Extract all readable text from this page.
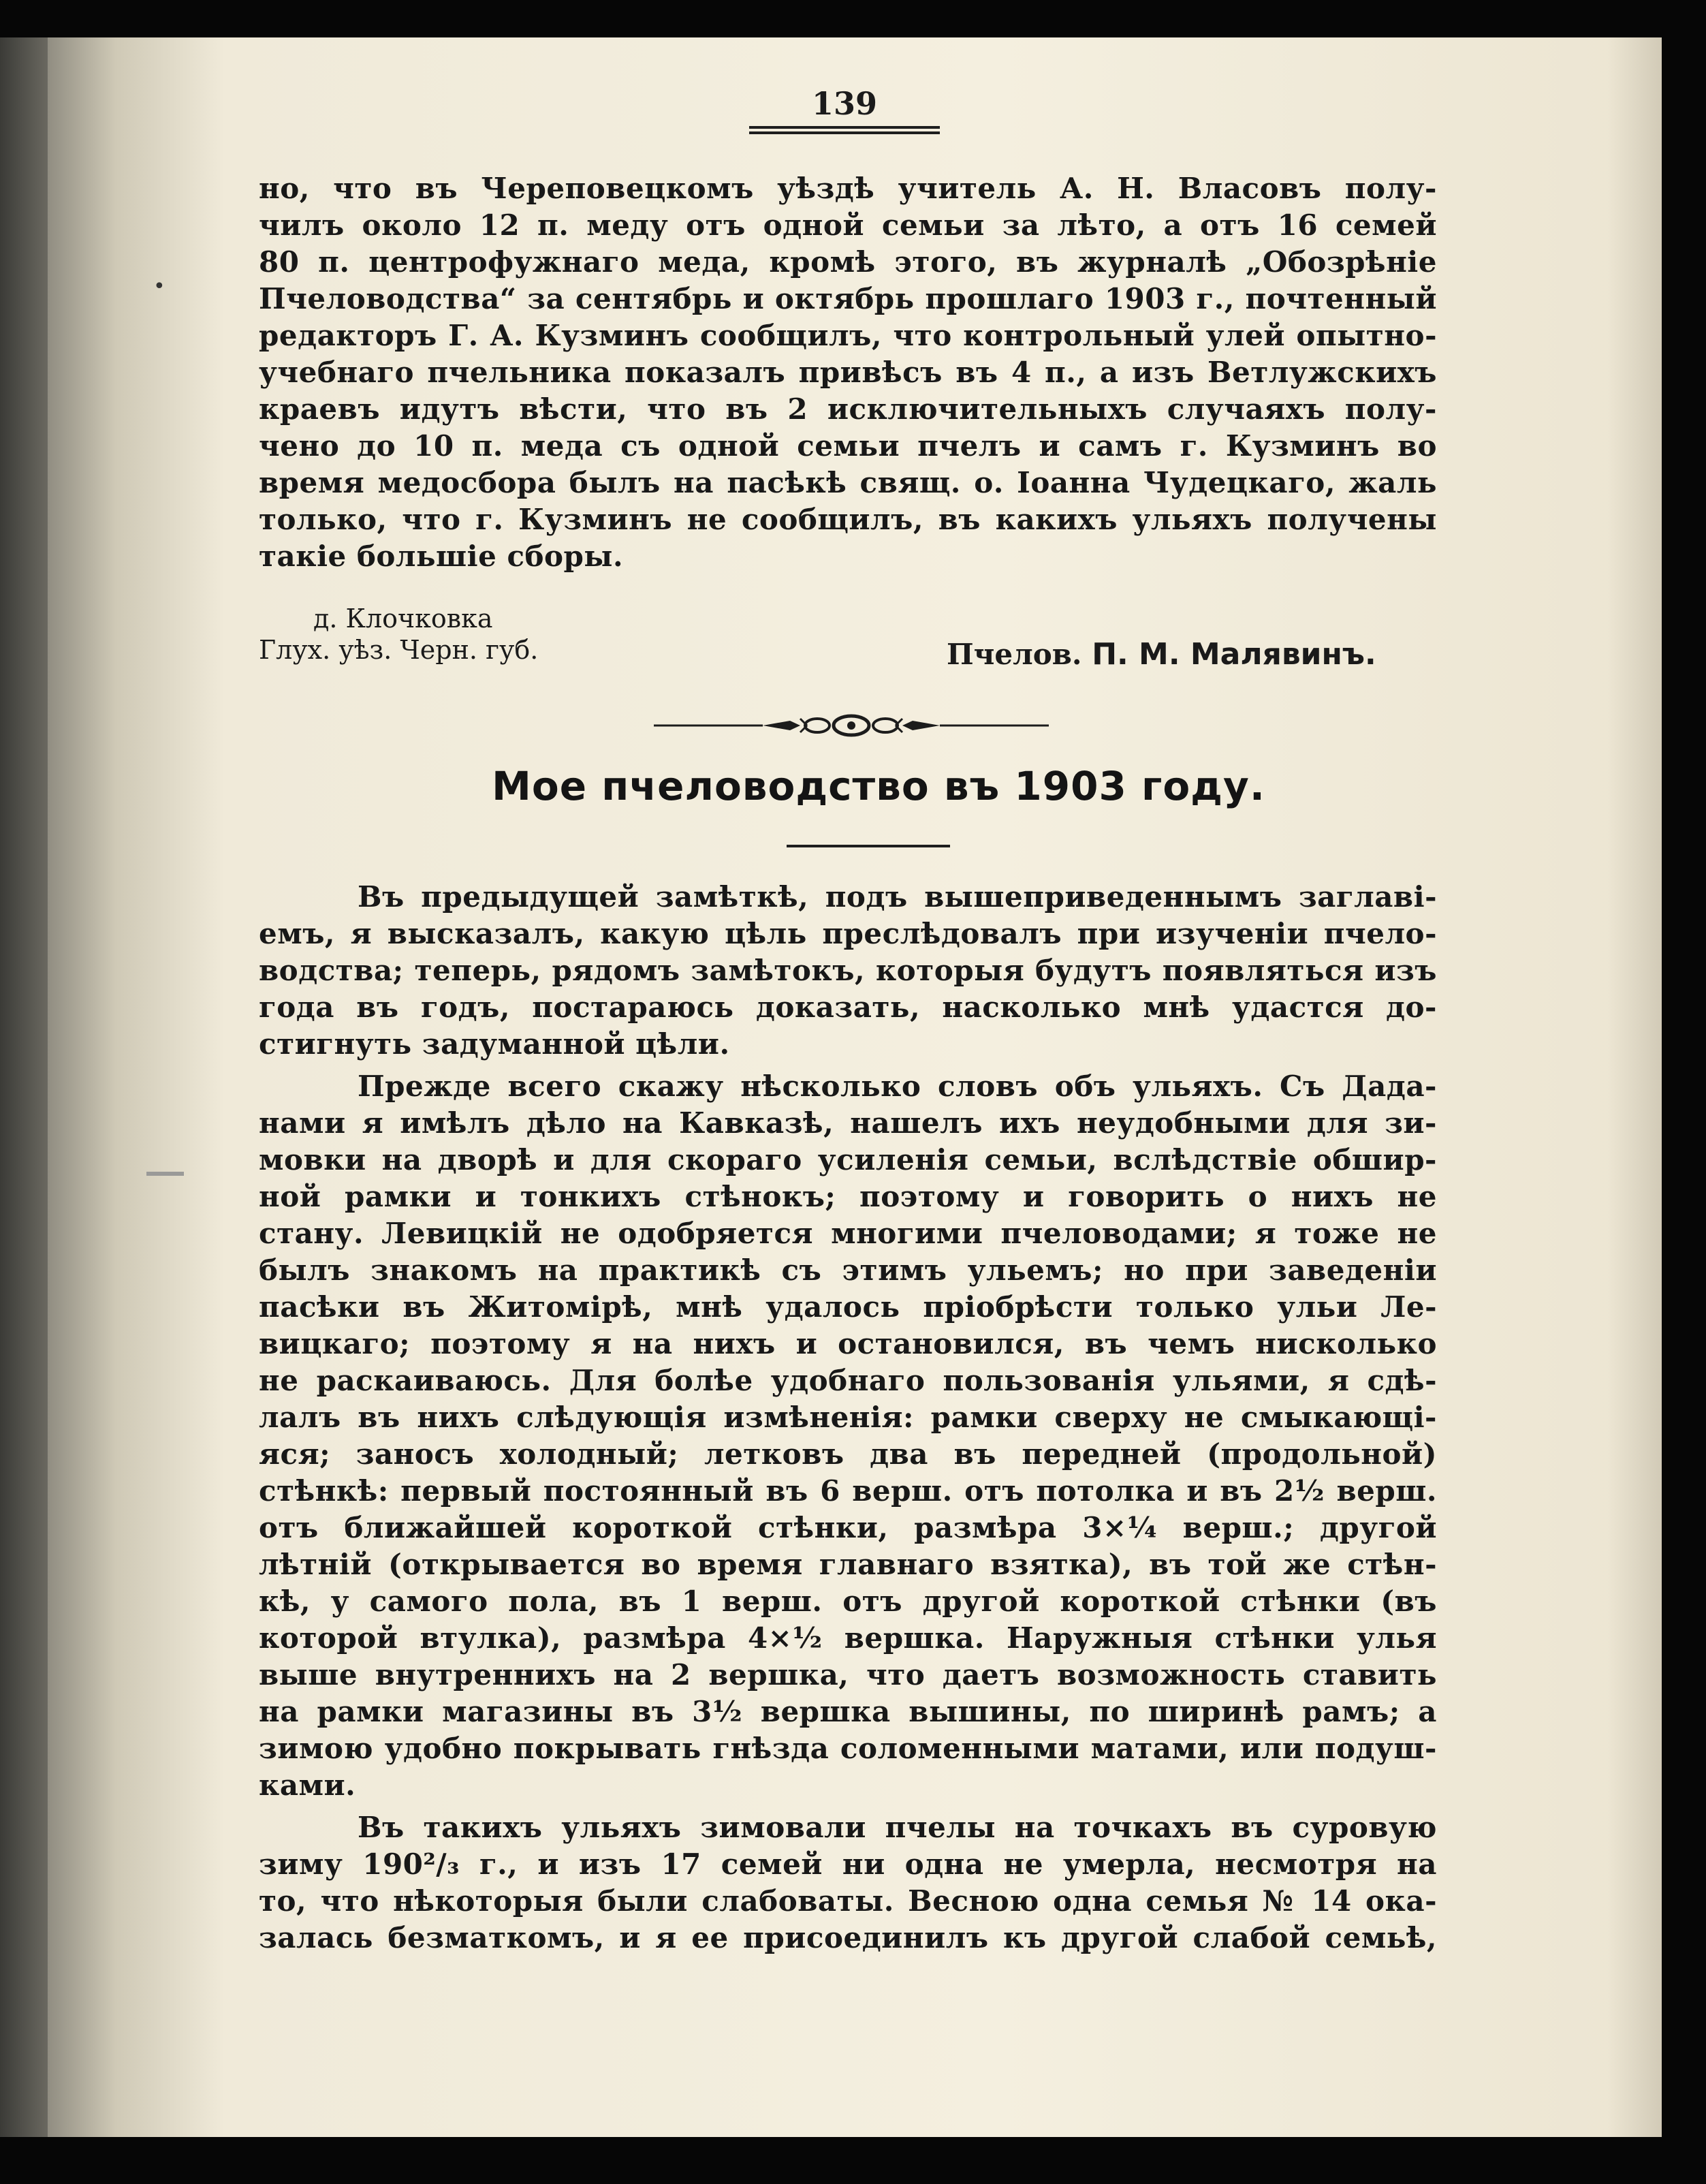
139
•
но, что въ Череповецкомъ уѣздѣ учитель А. Н. Власовъ полу-
чилъ около 12 п. меду отъ одной семьи за лѣто, а отъ 16 семей
80 п. центрофужнаго меда, кромѣ этого, въ журналѣ „Обозрѣніе
Пчеловодства“ за сентябрь и октябрь прошлаго 1903 г., почтенный
редакторъ Г. А. Кузминъ сообщилъ, что контрольный улей опытно-
учебнаго пчельника показалъ привѣсъ въ 4 п., а изъ Ветлужскихъ
краевъ идутъ вѣсти, что въ 2 исключительныхъ случаяхъ полу-
чено до 10 п. меда съ одной семьи пчелъ и самъ г. Кузминъ во
время медосбора былъ на пасѣкѣ свящ. о. Іоанна Чудецкаго, жаль
только, что г. Кузминъ не сообщилъ, въ какихъ ульяхъ получены
такіе большіе сборы.
д. Клочковка
Глух. уѣз. Черн. губ.	Пчелов. П. М. Малявинъ.
Мое пчеловодство въ 1903 году.
Въ предыдущей замѣткѣ, подъ вышеприведеннымъ заглаві-
емъ, я высказалъ, какую цѣль преслѣдовалъ при изученіи пчело-
водства; теперь, рядомъ замѣтокъ, которыя будутъ появляться изъ
года въ годъ, постараюсь доказать, насколько мнѣ удастся до-
стигнуть задуманной цѣли.
Прежде всего скажу нѣсколько словъ объ ульяхъ. Съ Дада-
нами я имѣлъ дѣло на Кавказѣ, нашелъ ихъ неудобными для зи-
мовки на дворѣ и для скораго усиленія семьи, вслѣдствіе обшир-
ной рамки и тонкихъ стѣнокъ; поэтому и говорить о нихъ не
стану. Левицкій не одобряется многими пчеловодами; я тоже не
былъ знакомъ на практикѣ съ этимъ ульемъ; но при заведеніи
пасѣки въ Житомірѣ, мнѣ удалось пріобрѣсти только ульи Ле-
вицкаго; поэтому я на нихъ и остановился, въ чемъ нисколько
не раскаиваюсь. Для болѣе удобнаго пользованія ульями, я сдѣ-
лалъ въ нихъ слѣдующія измѣненія: рамки сверху не смыкающі-
яся; заносъ холодный; летковъ два въ передней (продольной)
стѣнкѣ: первый постоянный въ 6 верш. отъ потолка и въ 2½ верш.
отъ ближайшей короткой стѣнки, размѣра 3×¼ верш.; другой
лѣтній (открывается во время главнаго взятка), въ той же стѣн-
кѣ, у самого пола, въ 1 верш. отъ другой короткой стѣнки (въ
которой втулка), размѣра 4×½ вершка. Наружныя стѣнки улья
выше внутреннихъ на 2 вершка, что даетъ возможность ставить
на рамки магазины въ 3½ вершка вышины, по ширинѣ рамъ; а
зимою удобно покрывать гнѣзда соломенными матами, или подуш-
ками.
Въ такихъ ульяхъ зимовали пчелы на точкахъ въ суровую
зиму 190²/₃ г., и изъ 17 семей ни одна не умерла, несмотря на
то, что нѣкоторыя были слабоваты. Весною одна семья № 14 ока-
залась безматкомъ, и я ее присоединилъ къ другой слабой семьѣ,
